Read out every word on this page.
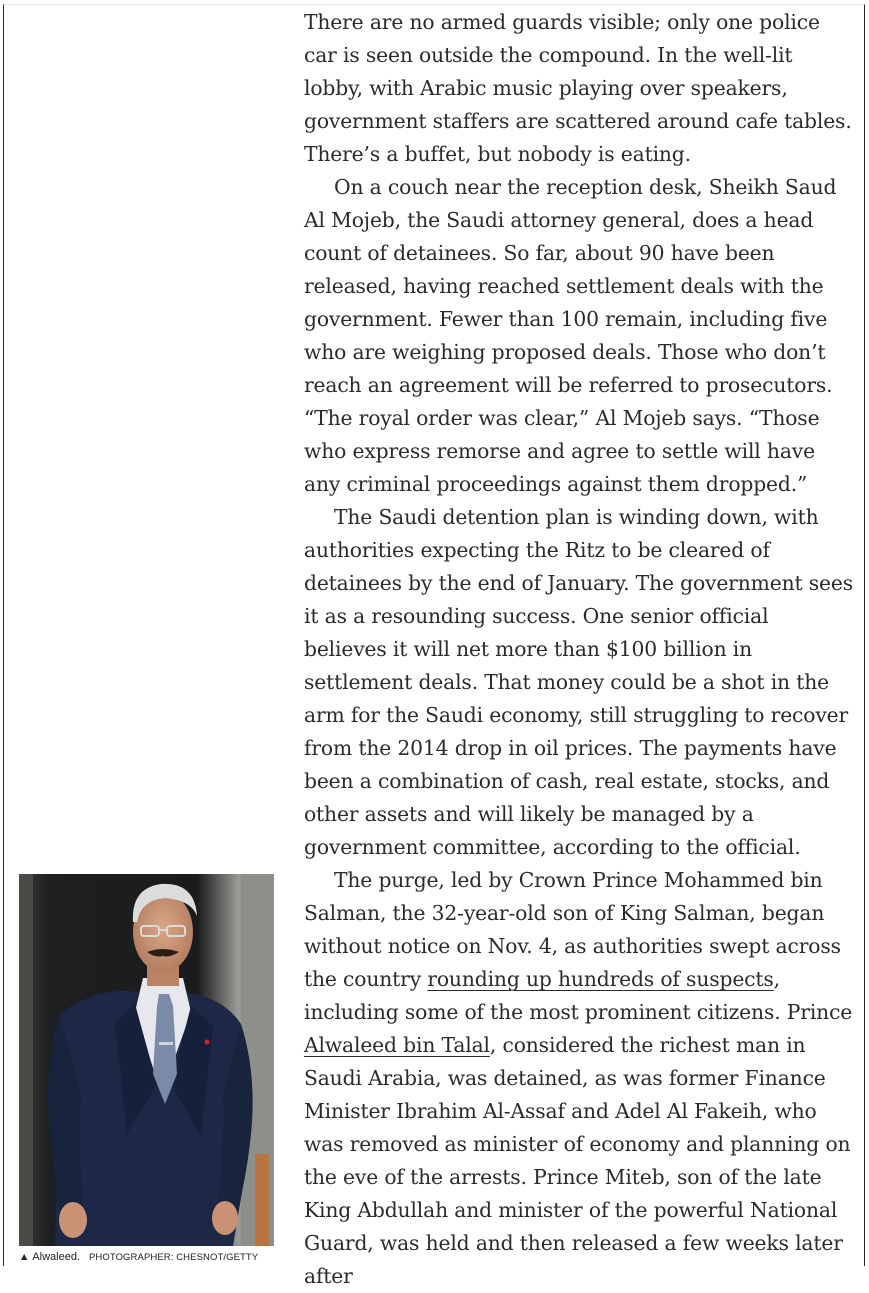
There are no armed guards visible; only one police car is seen outside the compound. In the well-lit lobby, with Arabic music playing over speakers, government staffers are scattered around cafe tables. There’s a buffet, but nobody is eating.

On a couch near the reception desk, Sheikh Saud Al Mojeb, the Saudi attorney general, does a head count of detainees. So far, about 90 have been released, having reached settlement deals with the government. Fewer than 100 remain, including five who are weighing proposed deals. Those who don’t reach an agreement will be referred to prosecutors. “The royal order was clear,” Al Mojeb says. “Those who express remorse and agree to settle will have any criminal proceedings against them dropped.”

The Saudi detention plan is winding down, with authorities expecting the Ritz to be cleared of detainees by the end of January. The government sees it as a resounding success. One senior official believes it will net more than $100 billion in settlement deals. That money could be a shot in the arm for the Saudi economy, still struggling to recover from the 2014 drop in oil prices. The payments have been a combination of cash, real estate, stocks, and other assets and will likely be managed by a government committee, according to the official.

The purge, led by Crown Prince Mohammed bin Salman, the 32-year-old son of King Salman, began without notice on Nov. 4, as authorities swept across the country rounding up hundreds of suspects, including some of the most prominent citizens. Prince Alwaleed bin Talal, considered the richest man in Saudi Arabia, was detained, as was former Finance Minister Ibrahim Al-Assaf and Adel Al Fakeih, who was removed as minister of economy and planning on the eve of the arrests. Prince Miteb, son of the late King Abdullah and minister of the powerful National Guard, was held and then released a few weeks later after

▲ Alwaleed. PHOTOGRAPHER: CHESNOT/GETTY
